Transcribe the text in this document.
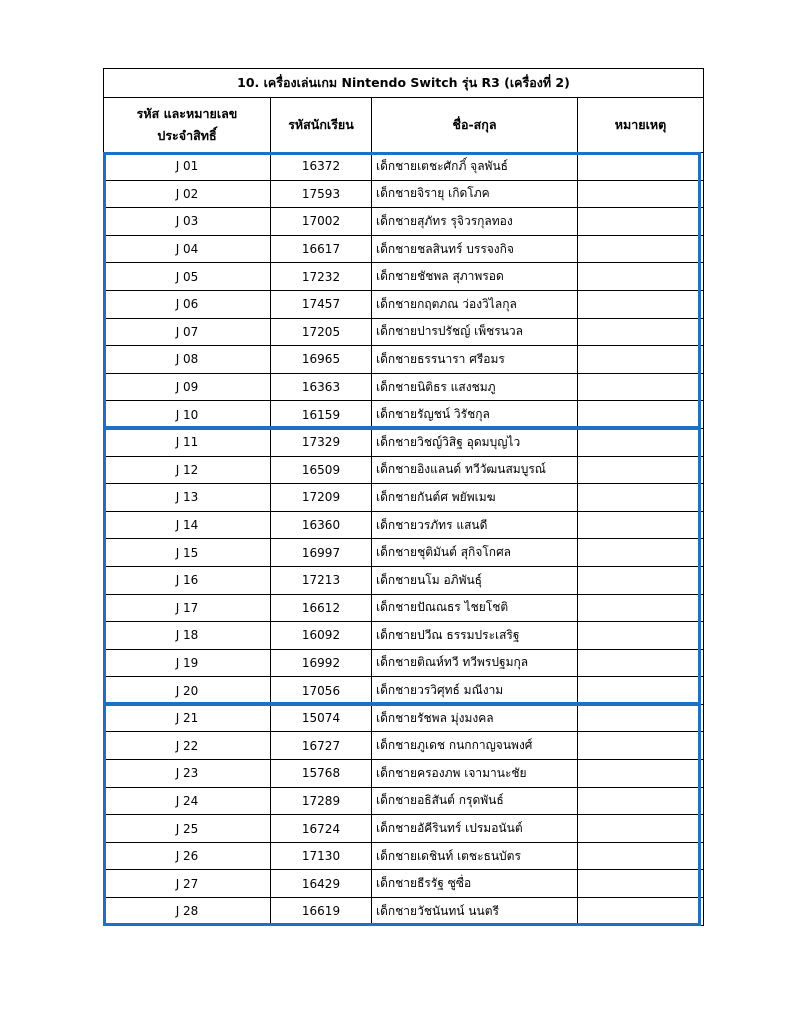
10. เครื่องเล่นเกม Nintendo Switch รุ่น R3 (เครื่องที่ 2)			

รหัส และหมายเลข
ประจำสิทธิ์	รหัสนักเรียน	ชื่อ-สกุล	หมายเหตุ
J 01	16372	เด็กชายเตชะศักภิ์ จุลพันธ์	
J 02	17593	เด็กชายจิรายุ เกิดโภค	
J 03	17002	เด็กชายสุภัทร รุจิวรกุลทอง	
J 04	16617	เด็กชายชลสินทร์ บรรจงกิจ	
J 05	17232	เด็กชายชัชพล สุภาพรอด	
J 06	17457	เด็กชายกฤตภณ ว่องวิไลกุล	
J 07	17205	เด็กชายปารปรัชญ์ เพ็ชรนวล	
J 08	16965	เด็กชายธรรนารา ศรีอมร	
J 09	16363	เด็กชายนิติธร แสงชมภู	
J 10	16159	เด็กชายรัญชน์ วิรัชกุล	
J 11	17329	เด็กชายวิชญ์วิสิฐ อุดมบุญไว	
J 12	16509	เด็กชายอิงแลนด์ ทวีวัฒนสมบูรณ์	
J 13	17209	เด็กชายกันต์ศ พยัพเมฆ	
J 14	16360	เด็กชายวรภัทร แสนดี	
J 15	16997	เด็กชายชุติมันต์ สุกิจโกศล	
J 16	17213	เด็กชายนโม อภิพันธุ์	
J 17	16612	เด็กชายปัณณธร ไชยโชติ	
J 18	16092	เด็กชายปวีณ ธรรมประเสริฐ	
J 19	16992	เด็กชายติณห์ทวี ทวีพรปฐมกุล	
J 20	17056	เด็กชายวรวิศุทธ์ มณีงาม	
J 21	15074	เด็กชายรัชพล มุ่งมงคล	
J 22	16727	เด็กชายภูเดช กนกกาญจนพงศ์	
J 23	15768	เด็กชายครองภพ เจามานะชัย	
J 24	17289	เด็กชายอธิสันต์ กรุดพันธ์	
J 25	16724	เด็กชายอัคีรินทร์ เปรมอนันต์	
J 26	17130	เด็กชายเดชินท์ เตชะธนบัตร	
J 27	16429	เด็กชายธีรรัฐ ซูซื่อ	
J 28	16619	เด็กชายวัชนันทน์ นนตรี	
